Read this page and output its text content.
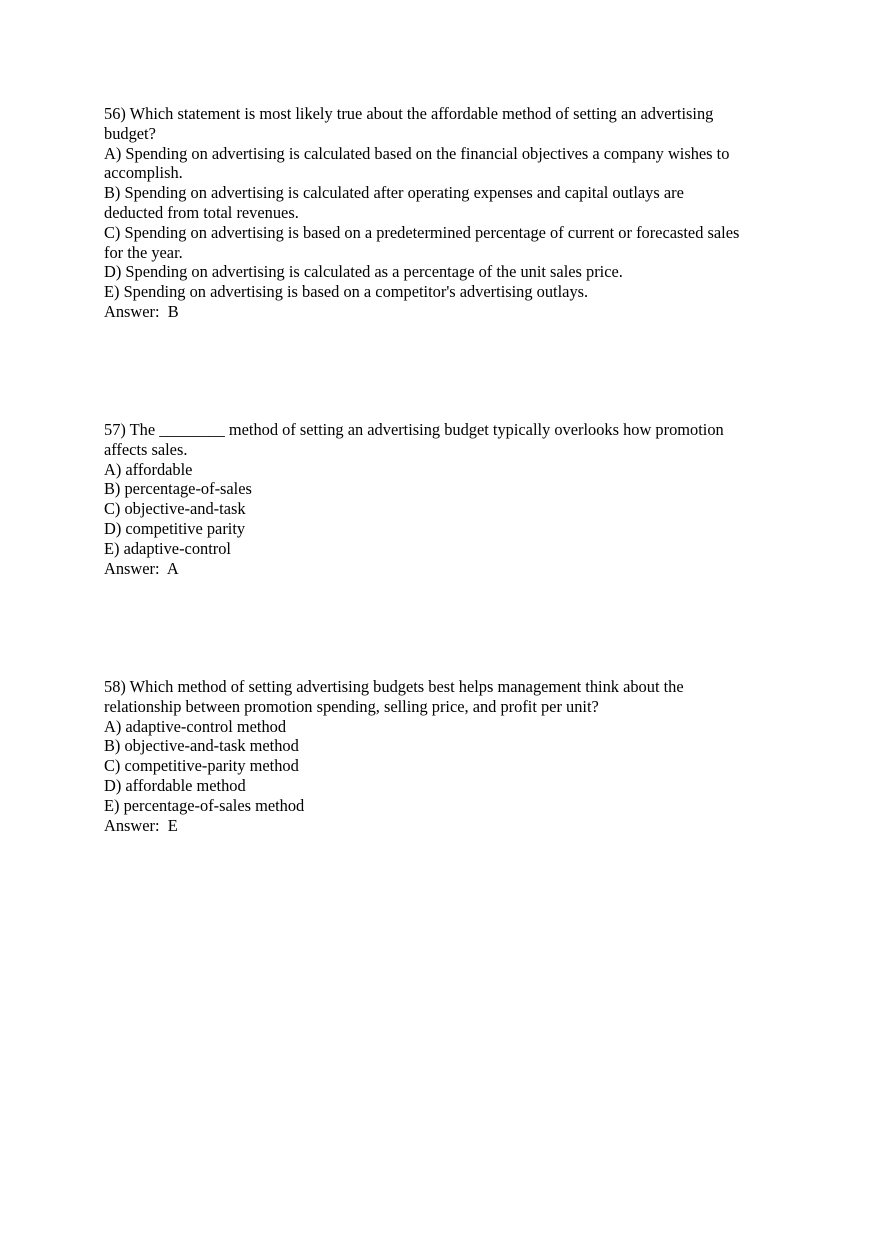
56) Which statement is most likely true about the affordable method of setting an advertising
budget?
A) Spending on advertising is calculated based on the financial objectives a company wishes to
accomplish.
B) Spending on advertising is calculated after operating expenses and capital outlays are
deducted from total revenues.
C) Spending on advertising is based on a predetermined percentage of current or forecasted sales
for the year.
D) Spending on advertising is calculated as a percentage of the unit sales price.
E) Spending on advertising is based on a competitor's advertising outlays.
Answer:  B
57) The ________ method of setting an advertising budget typically overlooks how promotion
affects sales.
A) affordable
B) percentage-of-sales
C) objective-and-task
D) competitive parity
E) adaptive-control
Answer:  A
58) Which method of setting advertising budgets best helps management think about the
relationship between promotion spending, selling price, and profit per unit?
A) adaptive-control method
B) objective-and-task method
C) competitive-parity method
D) affordable method
E) percentage-of-sales method
Answer:  E
